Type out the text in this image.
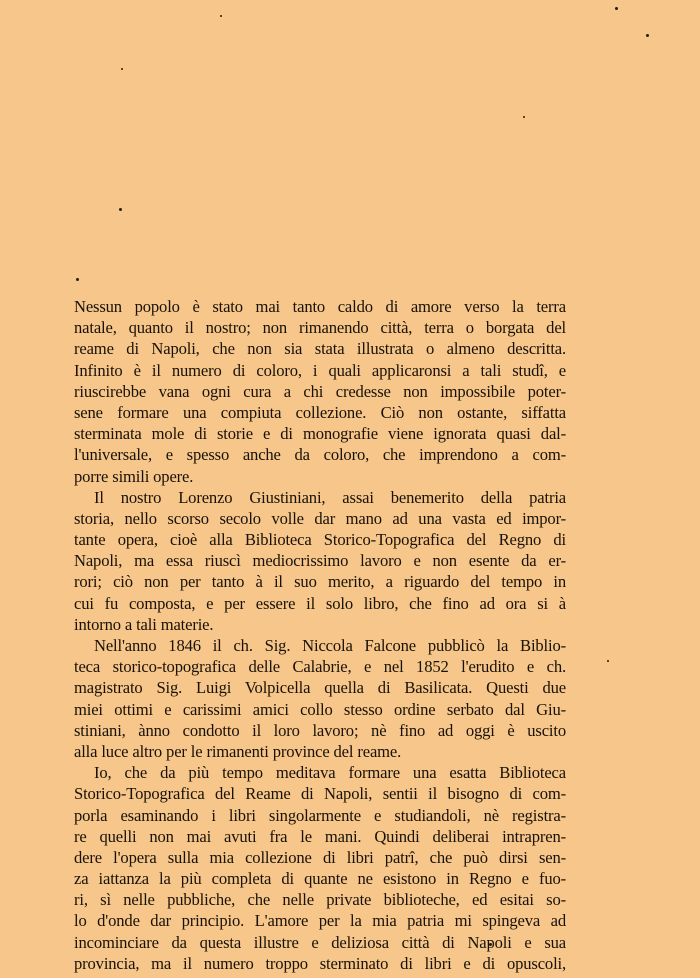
Nessun popolo è stato mai tanto caldo di amore verso la terra
natale, quanto il nostro; non rimanendo città, terra o borgata del
reame di Napoli, che non sia stata illustrata o almeno descritta.
Infinito è il numero di coloro, i quali applicaronsi a tali studî, e
riuscirebbe vana ogni cura a chi credesse non impossibile poter-
sene formare una compiuta collezione. Ciò non ostante, siffatta
sterminata mole di storie e di monografie viene ignorata quasi dal-
l'universale, e spesso anche da coloro, che imprendono a com-
porre simili opere.
Il nostro Lorenzo Giustiniani, assai benemerito della patria
storia, nello scorso secolo volle dar mano ad una vasta ed impor-
tante opera, cioè alla Biblioteca Storico-Topografica del Regno di
Napoli, ma essa riuscì mediocrissimo lavoro e non esente da er-
rori; ciò non per tanto à il suo merito, a riguardo del tempo in
cui fu composta, e per essere il solo libro, che fino ad ora si à
intorno a tali materie.
Nell'anno 1846 il ch. Sig. Niccola Falcone pubblicò la Biblio-
teca storico-topografica delle Calabrie, e nel 1852 l'erudito e ch.
magistrato Sig. Luigi Volpicella quella di Basilicata. Questi due
miei ottimi e carissimi amici collo stesso ordine serbato dal Giu-
stiniani, ànno condotto il loro lavoro; nè fino ad oggi è uscito
alla luce altro per le rimanenti province del reame.
Io, che da più tempo meditava formare una esatta Biblioteca
Storico-Topografica del Reame di Napoli, sentii il bisogno di com-
porla esaminando i libri singolarmente e studiandoli, nè registra-
re quelli non mai avuti fra le mani. Quindi deliberai intrapren-
dere l'opera sulla mia collezione di libri patrî, che può dirsi sen-
za iattanza la più completa di quante ne esistono in Regno e fuo-
ri, sì nelle pubbliche, che nelle private biblioteche, ed esitai so-
lo d'onde dar principio. L'amore per la mia patria mi spingeva ad
incominciare da questa illustre e deliziosa città di Napoli e sua
provincia, ma il numero troppo sterminato di libri e di opuscoli,
